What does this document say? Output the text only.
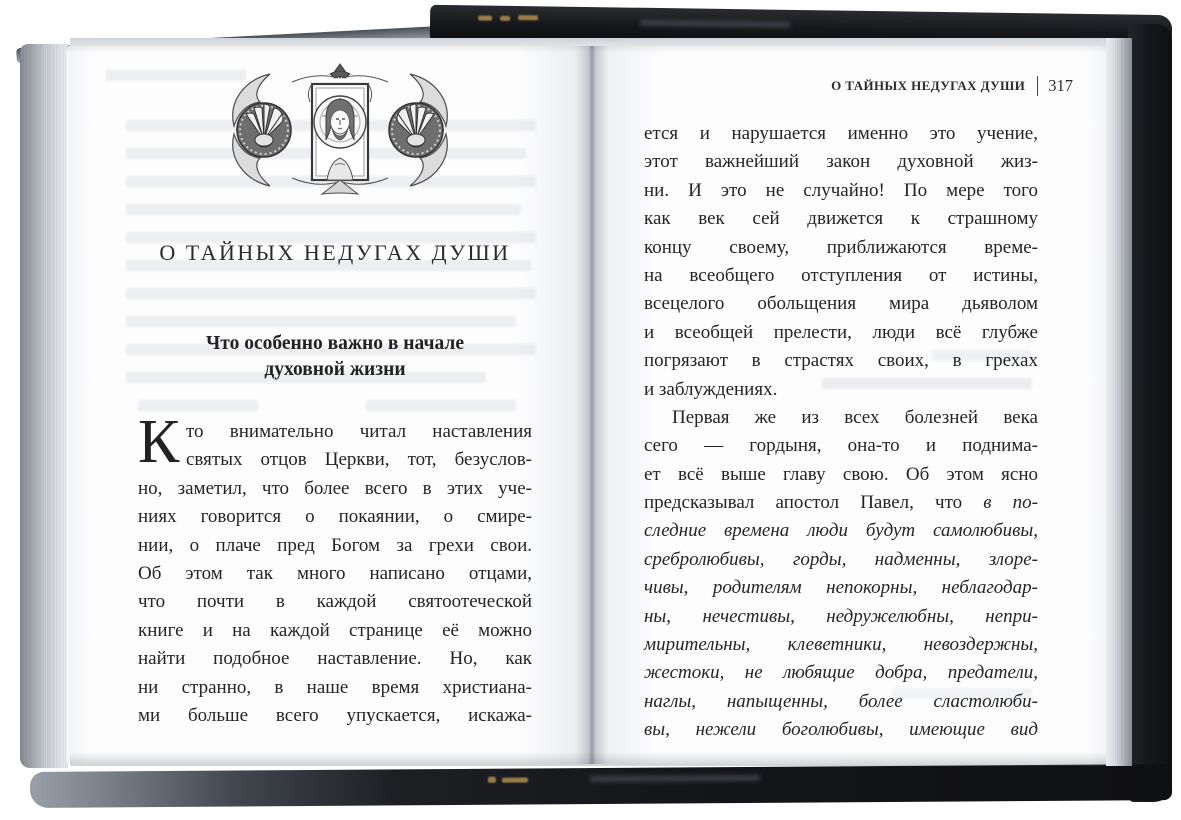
О ТАЙНЫХ НЕДУГАХ ДУШИ
Что особенно важно в начале
духовной жизни
К то внимательно читал наставления
святых отцов Церкви, тот, безуслов-
но, заметил, что более всего в этих уче-
ниях говорится о покаянии, о смире-
нии, о плаче пред Богом за грехи свои.
Об этом так много написано отцами,
что почти в каждой святоотеческой
книге и на каждой странице её можно
найти подобное наставление. Но, как
ни странно, в наше время христиана-
ми больше всего упускается, искажа-
О ТАЙНЫХ НЕДУГАХ ДУШИ 317
ется и нарушается именно это учение,
этот важнейший закон духовной жиз-
ни. И это не случайно! По мере того
как век сей движется к страшному
концу своему, приближаются време-
на всеобщего отступления от истины,
всецелого обольщения мира дьяволом
и всеобщей прелести, люди всё глубже
погрязают в страстях своих, в грехах
и заблуждениях.
Первая же из всех болезней века
сего — гордыня, она-то и поднима-
ет всё выше главу свою. Об этом ясно
предсказывал апостол Павел, что в по-
следние времена люди будут самолюбивы,
сребролюбивы, горды, надменны, злоре-
чивы, родителям непокорны, неблагодар-
ны, нечестивы, недружелюбны, непри-
мирительны, клеветники, невоздержны,
жестоки, не любящие добра, предатели,
наглы, напыщенны, более сластолюби-
вы, нежели боголюбивы, имеющие вид
